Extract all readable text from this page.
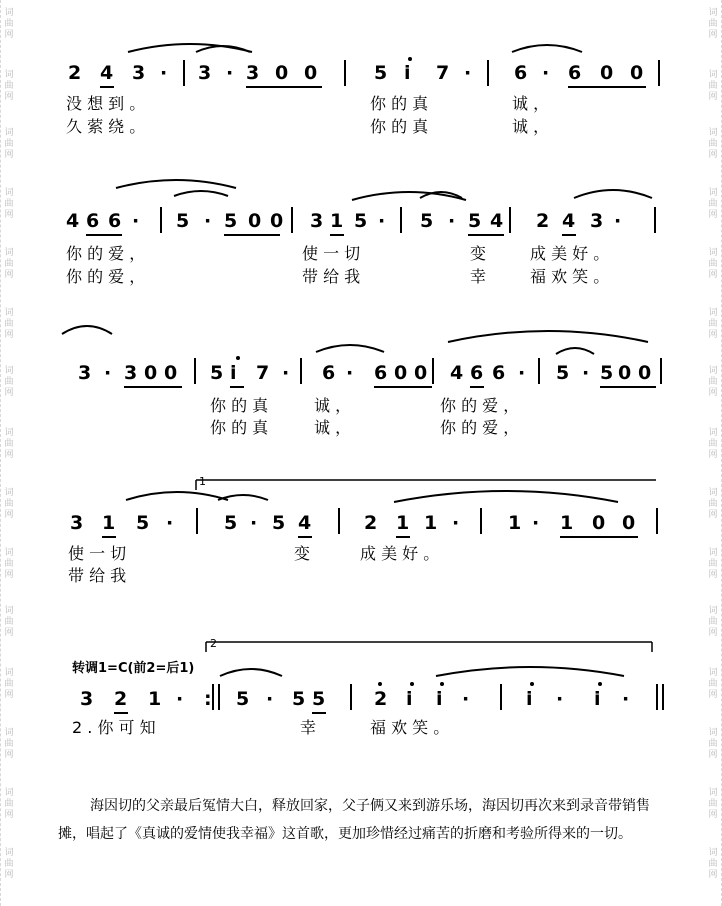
词
曲
网
词
曲
网
词
曲
网
词
曲
网
词
曲
网
词
曲
网
词
曲
网
词
曲
网
词
曲
网
词
曲
网
词
曲
网
词
曲
网
词
曲
网
词
曲
网
词
曲
网
词
曲
网
词
曲
网
词
曲
网
词
曲
网
词
曲
网
词
曲
网
词
曲
网
词
曲
网
词
曲
网
词
曲
网
词
曲
网
词
曲
网
词
曲
网
词
曲
网
词
曲
网
2 4 3 · 3 · 3 0 0	5 i 7 · 6 · 6 0 0
4 6 6 · 5 · 5 0 0 3 1 5 · 5 · 5 4 2 4 3 ·
3 · 3 0 0 5 i 7 · 6 · 6 0 0 4 6 6 · 5 · 5 0 0
3 1 5 ·	5 · 5 4	2 1 1 ·	1 · 1 0 0
3 2 1 · : 5 · 5 5	2 i i ·	i · i ·
没 想 到 。	你 的 真	诚 ，
久 萦 绕 。	你 的 真	诚 ，
你 的 爱 ，	使 一 切	变	成 美 好 。
你 的 爱 ，	带 给 我	幸	福 欢 笑 。
你 的 真	诚 ，	你 的 爱 ，
你 的 真	诚 ，	你 的 爱 ，
使 一 切	变	成 美 好 。
带 给 我
2 . 你 可 知	幸	福 欢 笑 。
转调1=C(前2=后1)
海因切的父亲最后冤情大白，释放回家，父子俩又来到游乐场，海因切再次来到录音带销售摊，唱起了《真诚的爱情使我幸福》这首歌，更加珍惜经过痛苦的折磨和考验所得来的一切。
1
2
